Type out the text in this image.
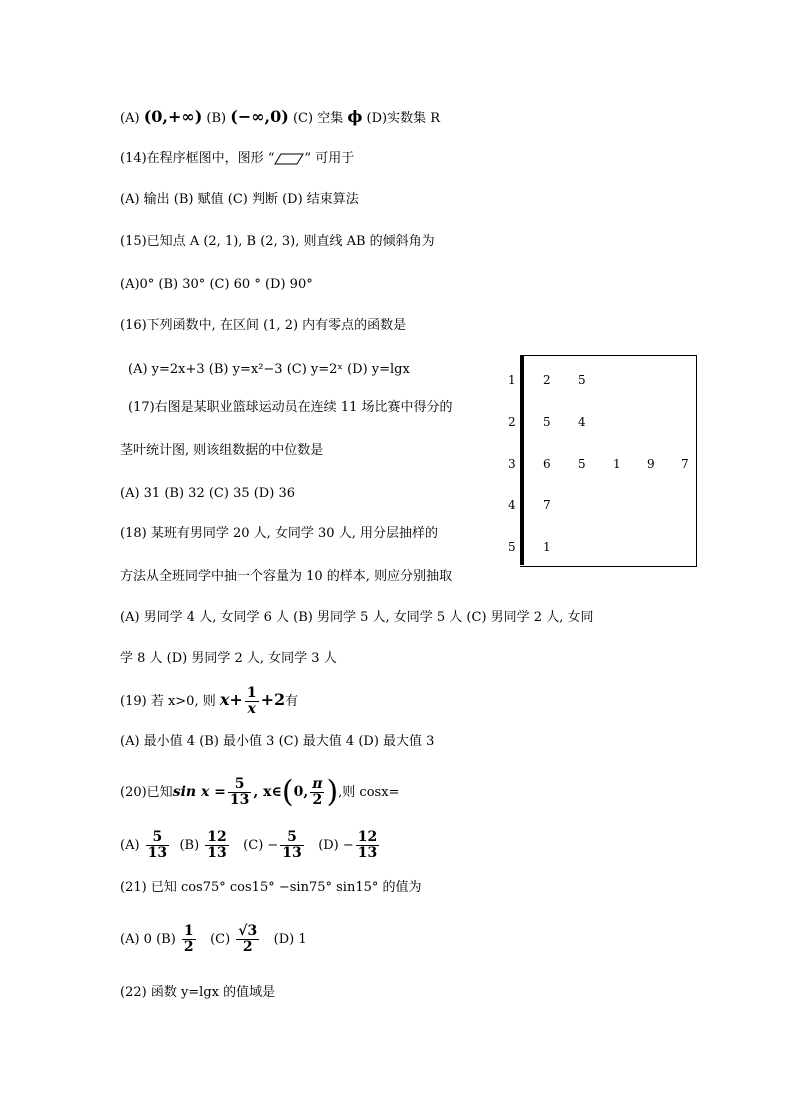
(A) (0,+∞) (B) (−∞,0) (C) 空集 ϕ (D)实数集 R
(14)在程序框图中，图形 “ ” 可用于
(A) 输出 (B) 赋值 (C) 判断 (D) 结束算法
(15)已知点 A (2, 1), B (2, 3), 则直线 AB 的倾斜角为
(A)0° (B) 30° (C) 60 ° (D) 90°
(16)下列函数中, 在区间 (1, 2) 内有零点的函数是
(A) y=2x+3 (B) y=x²−3 (C) y=2ˣ (D) y=lgx
(17)右图是某职业篮球运动员在连续 11 场比赛中得分的
茎叶统计图, 则该组数据的中位数是
(A) 31 (B) 32 (C) 35 (D) 36
1 2 5
2 5 4
3 6 5 1 9 7
4 7
5 1
(18) 某班有男同学 20 人, 女同学 30 人, 用分层抽样的
方法从全班同学中抽一个容量为 10 的样本, 则应分别抽取
(A) 男同学 4 人, 女同学 6 人 (B) 男同学 5 人, 女同学 5 人 (C) 男同学 2 人, 女同
学 8 人 (D) 男同学 2 人, 女同学 3 人
(19) 若 x>0, 则 $x+ \frac{1}{x} +2$有
(A) 最小值 4 (B) 最小值 3 (C) 最大值 4 (D) 最大值 3
(20)已知$\sin x = \frac{5}{13}$ , x∈(0, $\frac{\pi}{2}$ ),则 cosx=
$(A) \frac{5}{13} (B) \frac{12}{13} (C) - \frac{5}{13} (D) - \frac{12}{13}$
(21) 已知 cos75° cos15° −sin75° sin15° 的值为
(A) 0 $(B) \frac{1}{2} (C) \frac{√3}{2} (D)$ 1
(22) 函数 y=lgx 的值域是
